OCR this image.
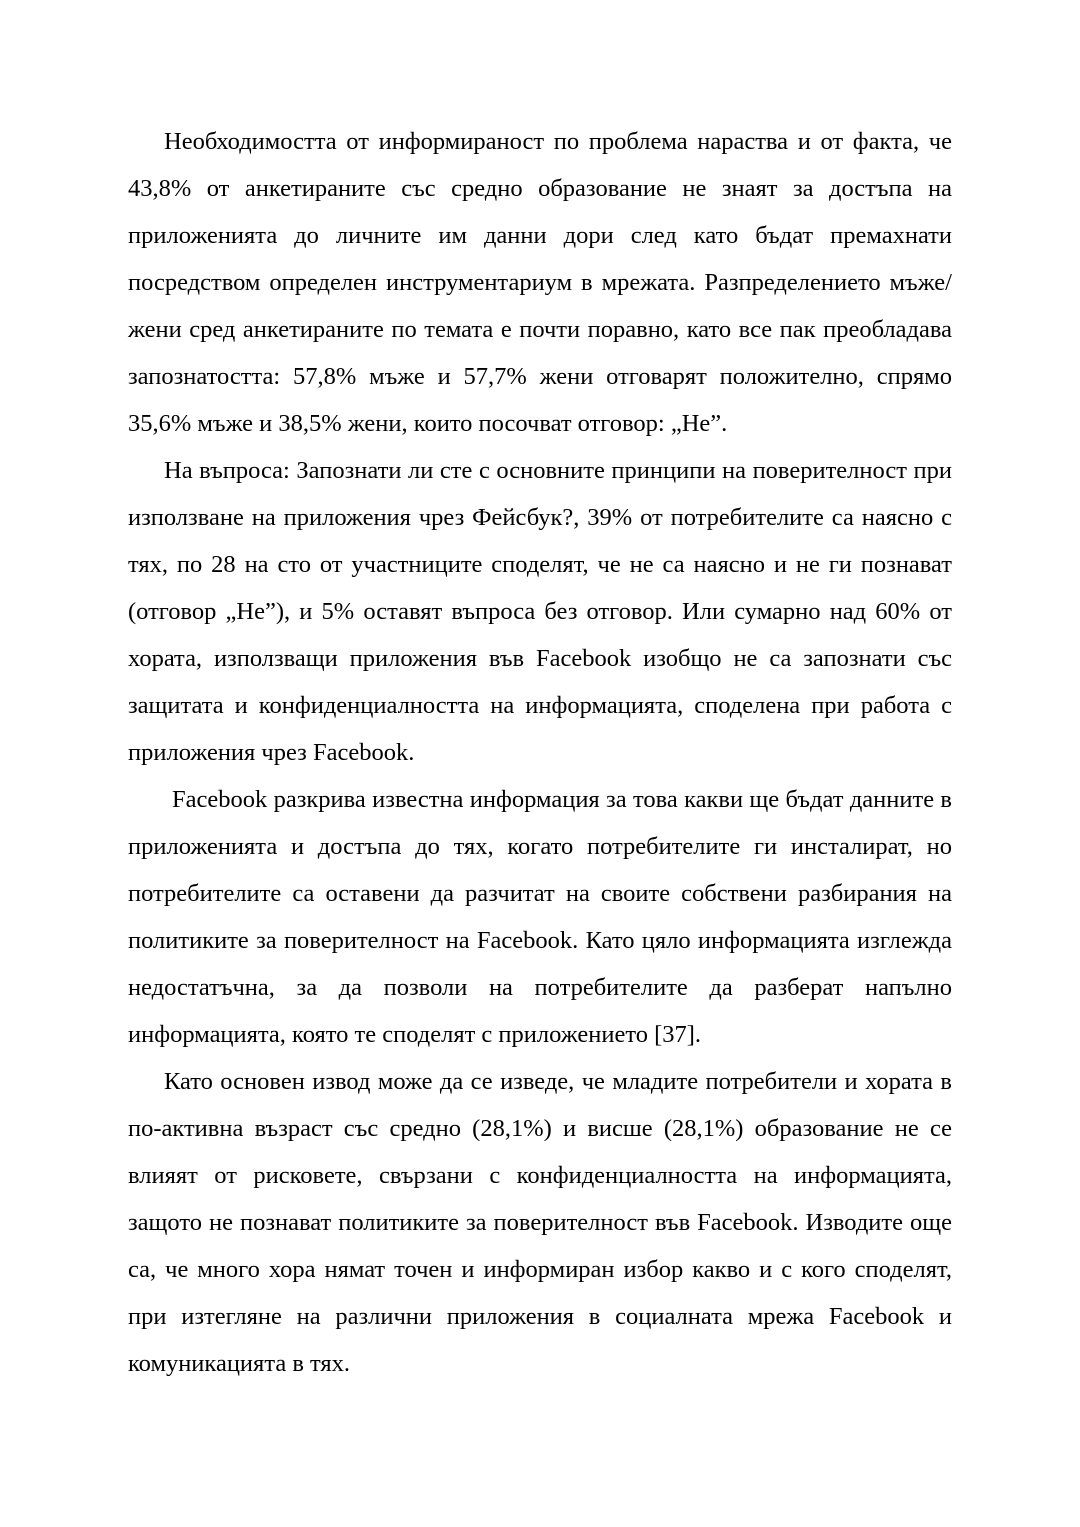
Необходимостта от информираност по проблема нараства и от факта, че 43,8% от анкетираните със средно образование не знаят за достъпа на приложенията до личните им данни дори след като бъдат премахнати посредством определен инструментариум в мрежата. Разпределението мъже/жени сред анкетираните по темата е почти поравно, като все пак преобладава запознатостта: 57,8% мъже и 57,7% жени отговарят положително, спрямо 35,6% мъже и 38,5% жени, които посочват отговор: „Не”.

На въпроса: Запознати ли сте с основните принципи на поверителност при използване на приложения чрез Фейсбук?, 39% от потребителите са наясно с тях, по 28 на сто от участниците споделят, че не са наясно и не ги познават (отговор „Не”), и 5% оставят въпроса без отговор. Или сумарно над 60% от хората, използващи приложения във Facebook изобщо не са запознати със защитата и конфиденциалността на информацията, споделена при работа с приложения чрез Facebook.

Facebook разкрива известна информация за това какви ще бъдат данните в приложенията и достъпа до тях, когато потребителите ги инсталират, но потребителите са оставени да разчитат на своите собствени разбирания на политиките за поверителност на Facebook. Като цяло информацията изглежда недостатъчна, за да позволи на потребителите да разберат напълно информацията, която те споделят с приложението [37].

Като основен извод може да се изведе, че младите потребители и хората в по-активна възраст със средно (28,1%) и висше (28,1%) образование не се влияят от рисковете, свързани с конфиденциалността на информацията, защото не познават политиките за поверителност във Facebook. Изводите още са, че много хора нямат точен и информиран избор какво и с кого споделят, при изтегляне на различни приложения в социалната мрежа Facebook и комуникацията в тях.
